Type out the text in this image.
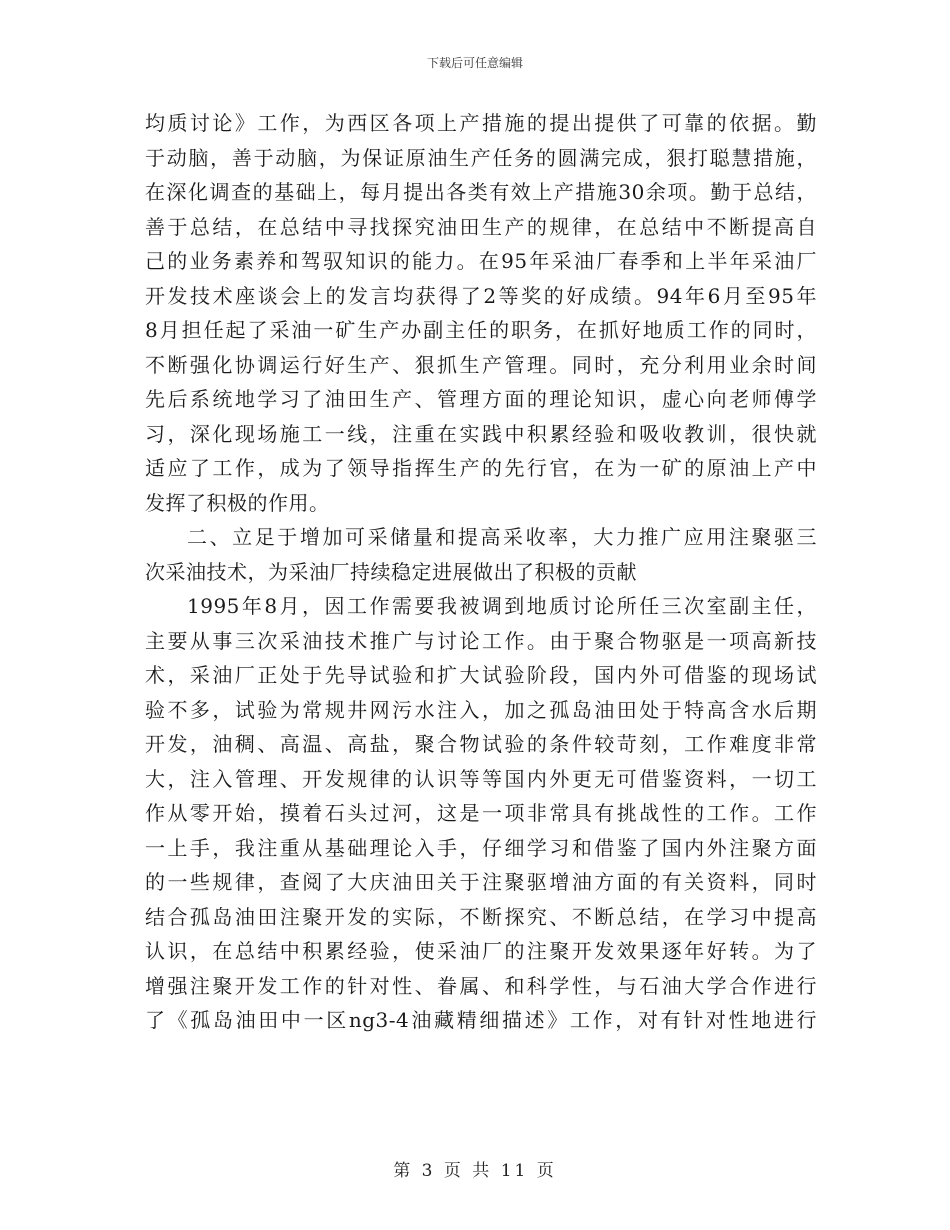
下载后可任意编辑
均质讨论》工作，为西区各项上产措施的提出提供了可靠的依据。勤
于动脑，善于动脑，为保证原油生产任务的圆满完成，狠打聪慧措施，
在深化调查的基础上，每月提出各类有效上产措施30余项。勤于总结，
善于总结，在总结中寻找探究油田生产的规律，在总结中不断提高自
己的业务素养和驾驭知识的能力。在95年采油厂春季和上半年采油厂
开发技术座谈会上的发言均获得了2等奖的好成绩。94年6月至95年
8月担任起了采油一矿生产办副主任的职务，在抓好地质工作的同时，
不断强化协调运行好生产、狠抓生产管理。同时，充分利用业余时间
先后系统地学习了油田生产、管理方面的理论知识，虚心向老师傅学
习，深化现场施工一线，注重在实践中积累经验和吸收教训，很快就
适应了工作，成为了领导指挥生产的先行官，在为一矿的原油上产中
发挥了积极的作用。
二、立足于增加可采储量和提高采收率，大力推广应用注聚驱三
次采油技术，为采油厂持续稳定进展做出了积极的贡献
1995年8月，因工作需要我被调到地质讨论所任三次室副主任，
主要从事三次采油技术推广与讨论工作。由于聚合物驱是一项高新技
术，采油厂正处于先导试验和扩大试验阶段，国内外可借鉴的现场试
验不多，试验为常规井网污水注入，加之孤岛油田处于特高含水后期
开发，油稠、高温、高盐，聚合物试验的条件较苛刻，工作难度非常
大，注入管理、开发规律的认识等等国内外更无可借鉴资料，一切工
作从零开始，摸着石头过河，这是一项非常具有挑战性的工作。工作
一上手，我注重从基础理论入手，仔细学习和借鉴了国内外注聚方面
的一些规律，查阅了大庆油田关于注聚驱增油方面的有关资料，同时
结合孤岛油田注聚开发的实际，不断探究、不断总结，在学习中提高
认识，在总结中积累经验，使采油厂的注聚开发效果逐年好转。为了
增强注聚开发工作的针对性、眷属、和科学性，与石油大学合作进行
了《孤岛油田中一区ng3-4油藏精细描述》工作，对有针对性地进行
第 3 页 共 11 页
